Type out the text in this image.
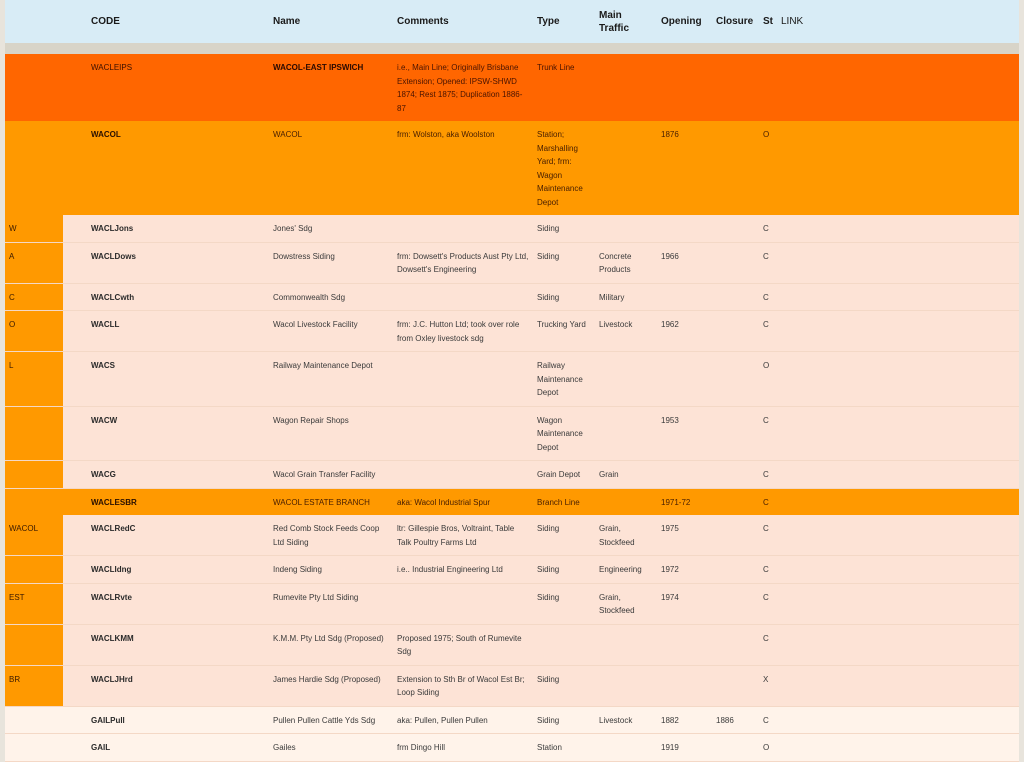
	CODE	Name	Comments	Type	Main Traffic	Opening	Closure	St	LINK

	WACLEIPS	WACOL-EAST IPSWICH	i.e., Main Line; Originally Brisbane Extension; Opened: IPSW-SHWD 1874; Rest 1875; Duplication 1886-87	Trunk Line					
	WACOL	WACOL	frm: Wolston, aka Woolston	Station; Marshalling Yard; frm: Wagon Maintenance Depot		1876		O	
W	WACLJons	Jones' Sdg		Siding				C	
A	WACLDows	Dowstress Siding	frm: Dowsett's Products Aust Pty Ltd, Dowsett's Engineering	Siding	Concrete Products	1966		C	
C	WACLCwth	Commonwealth Sdg		Siding	Military			C	
O	WACLL	Wacol Livestock Facility	frm: J.C. Hutton Ltd; took over role from Oxley livestock sdg	Trucking Yard	Livestock	1962		C	
L	WACS	Railway Maintenance Depot		Railway Maintenance Depot				O	
	WACW	Wagon Repair Shops		Wagon Maintenance Depot		1953		C	
	WACG	Wacol Grain Transfer Facility		Grain Depot	Grain			C	
	WACLESBR	WACOL ESTATE BRANCH	aka: Wacol Industrial Spur	Branch Line		1971-72		C	
WACOL	WACLRedC	Red Comb Stock Feeds Coop Ltd Siding	ltr: Gillespie Bros, Voltraint, Table Talk Poultry Farms Ltd	Siding	Grain, Stockfeed	1975		C	
	WACLIdng	Indeng Siding	i.e.. Industrial Engineering Ltd	Siding	Engineering	1972		C	
EST	WACLRvte	Rumevite Pty Ltd Siding		Siding	Grain, Stockfeed	1974		C	
	WACLKMM	K.M.M. Pty Ltd Sdg (Proposed)	Proposed 1975; South of Rumevite Sdg					C	
BR	WACLJHrd	James Hardie Sdg (Proposed)	Extension to Sth Br of Wacol Est Br; Loop Siding	Siding				X	
	GAILPull	Pullen Pullen Cattle Yds Sdg	aka: Pullen, Pullen Pullen	Siding	Livestock	1882	1886	C	
	GAIL	Gailes	frm Dingo Hill	Station		1919		O	
